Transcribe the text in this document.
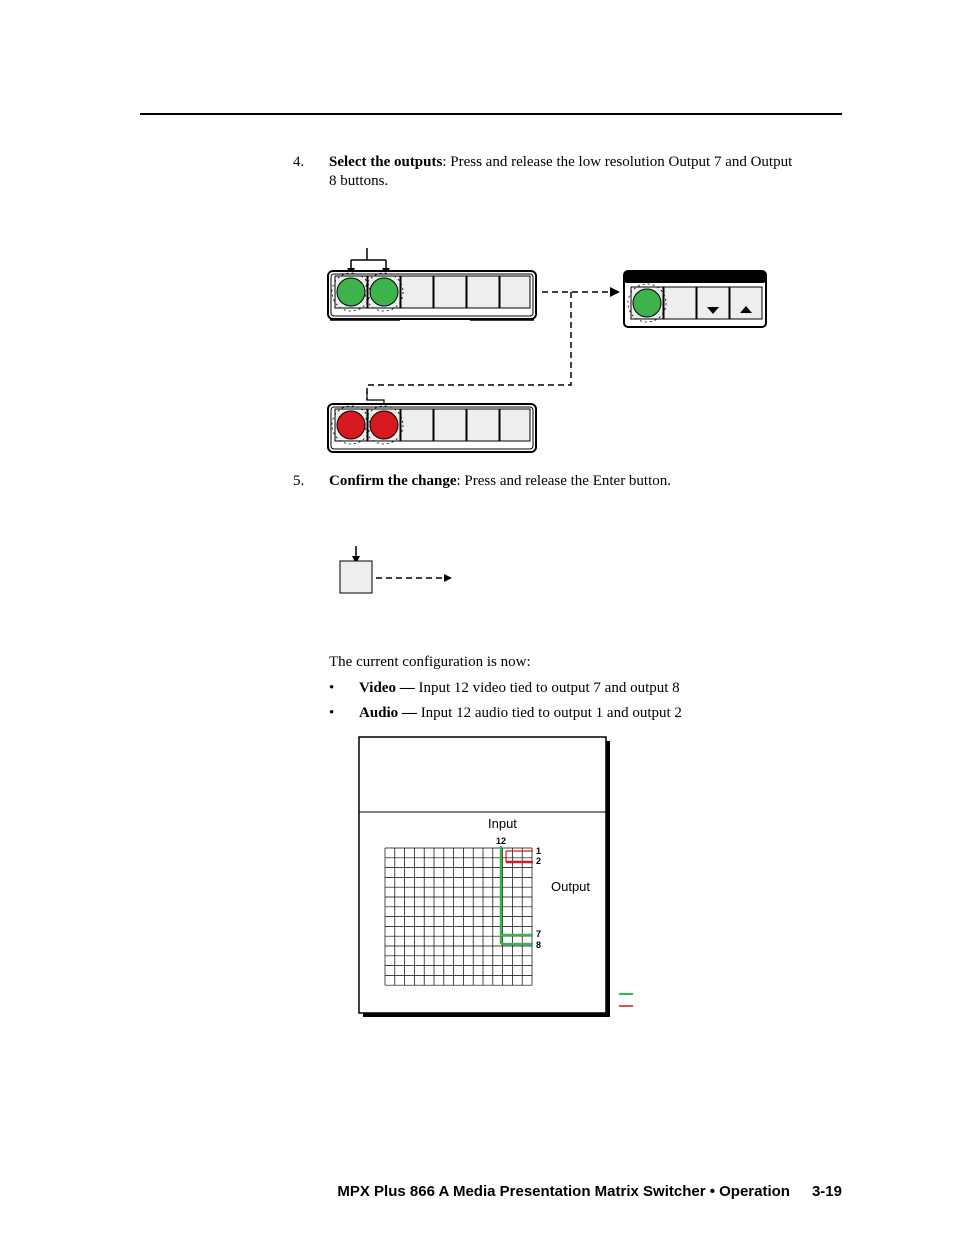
4.	Select the outputs: Press and release the low resolution Output 7 and Output 8 buttons.
5.	Confirm the change: Press and release the Enter button.
The current configuration is now:
• Video — Input 12 video tied to output 7 and output 8
• Audio — Input 12 audio tied to output 1 and output 2
Input
Output
12
1
2
7
8
MPX Plus 866 A Media Presentation Matrix Switcher • Operation 3-19
